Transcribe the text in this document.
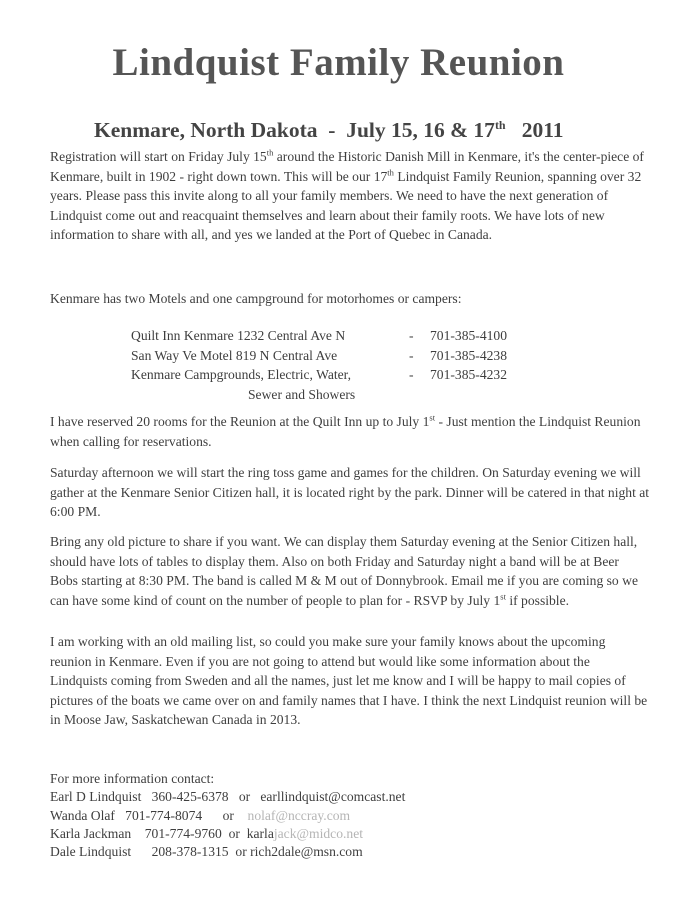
Lindquist Family Reunion
Kenmare, North Dakota - July 15, 16 & 17th 2011
Registration will start on Friday July 15th around the Historic Danish Mill in Kenmare, it's the center-piece of Kenmare, built in 1902 - right down town. This will be our 17th Lindquist Family Reunion, spanning over 32 years. Please pass this invite along to all your family members. We need to have the next generation of Lindquist come out and reacquaint themselves and learn about their family roots. We have lots of new information to share with all, and yes we landed at the Port of Quebec in Canada.
Kenmare has two Motels and one campground for motorhomes or campers:
Quilt Inn Kenmare 1232 Central Ave N	- 701-385-4100
San Way Ve Motel 819 N Central Ave	- 701-385-4238
Kenmare Campgrounds, Electric, Water,	- 701-385-4232
Sewer and Showers
I have reserved 20 rooms for the Reunion at the Quilt Inn up to July 1st - Just mention the Lindquist Reunion when calling for reservations.
Saturday afternoon we will start the ring toss game and games for the children. On Saturday evening we will gather at the Kenmare Senior Citizen hall, it is located right by the park. Dinner will be catered in that night at 6:00 PM.
Bring any old picture to share if you want. We can display them Saturday evening at the Senior Citizen hall, should have lots of tables to display them. Also on both Friday and Saturday night a band will be at Beer Bobs starting at 8:30 PM. The band is called M & M out of Donnybrook. Email me if you are coming so we can have some kind of count on the number of people to plan for - RSVP by July 1st if possible.
I am working with an old mailing list, so could you make sure your family knows about the upcoming reunion in Kenmare. Even if you are not going to attend but would like some information about the Lindquists coming from Sweden and all the names, just let me know and I will be happy to mail copies of pictures of the boats we came over on and family names that I have. I think the next Lindquist reunion will be in Moose Jaw, Saskatchewan Canada in 2013.
For more information contact:
Earl D Lindquist 360-425-6378 or earllindquist@comcast.net
Wanda Olaf 701-774-8074 or nolaf@nccray.com
Karla Jackman 701-774-9760 or karlajack@midco.net
Dale Lindquist 208-378-1315 or rich2dale@msn.com
